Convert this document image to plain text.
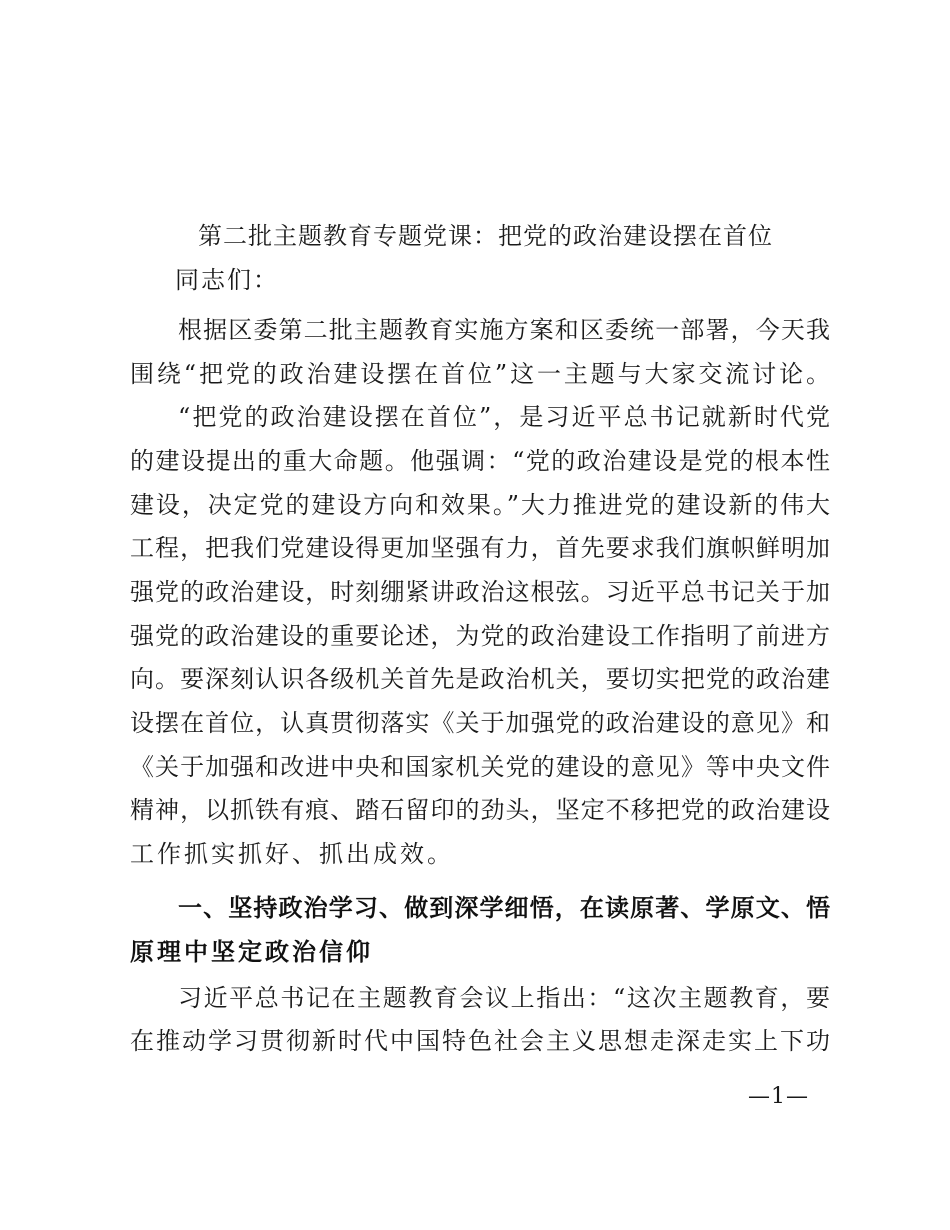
第二批主题教育专题党课：把党的政治建设摆在首位
同志们：
根据区委第二批主题教育实施方案和区委统一部署，今天我
围绕“把党的政治建设摆在首位”这一主题与大家交流讨论。
“把党的政治建设摆在首位”，是习近平总书记就新时代党
的建设提出的重大命题。他强调：“党的政治建设是党的根本性
建设，决定党的建设方向和效果。”大力推进党的建设新的伟大
工程，把我们党建设得更加坚强有力，首先要求我们旗帜鲜明加
强党的政治建设，时刻绷紧讲政治这根弦。习近平总书记关于加
强党的政治建设的重要论述，为党的政治建设工作指明了前进方
向。要深刻认识各级机关首先是政治机关，要切实把党的政治建
设摆在首位，认真贯彻落实《关于加强党的政治建设的意见》和
《关于加强和改进中央和国家机关党的建设的意见》等中央文件
精神，以抓铁有痕、踏石留印的劲头，坚定不移把党的政治建设
工作抓实抓好、抓出成效。
一、坚持政治学习、做到深学细悟，在读原著、学原文、悟
原理中坚定政治信仰
习近平总书记在主题教育会议上指出：“这次主题教育，要
在推动学习贯彻新时代中国特色社会主义思想走深走实上下功
—1—
